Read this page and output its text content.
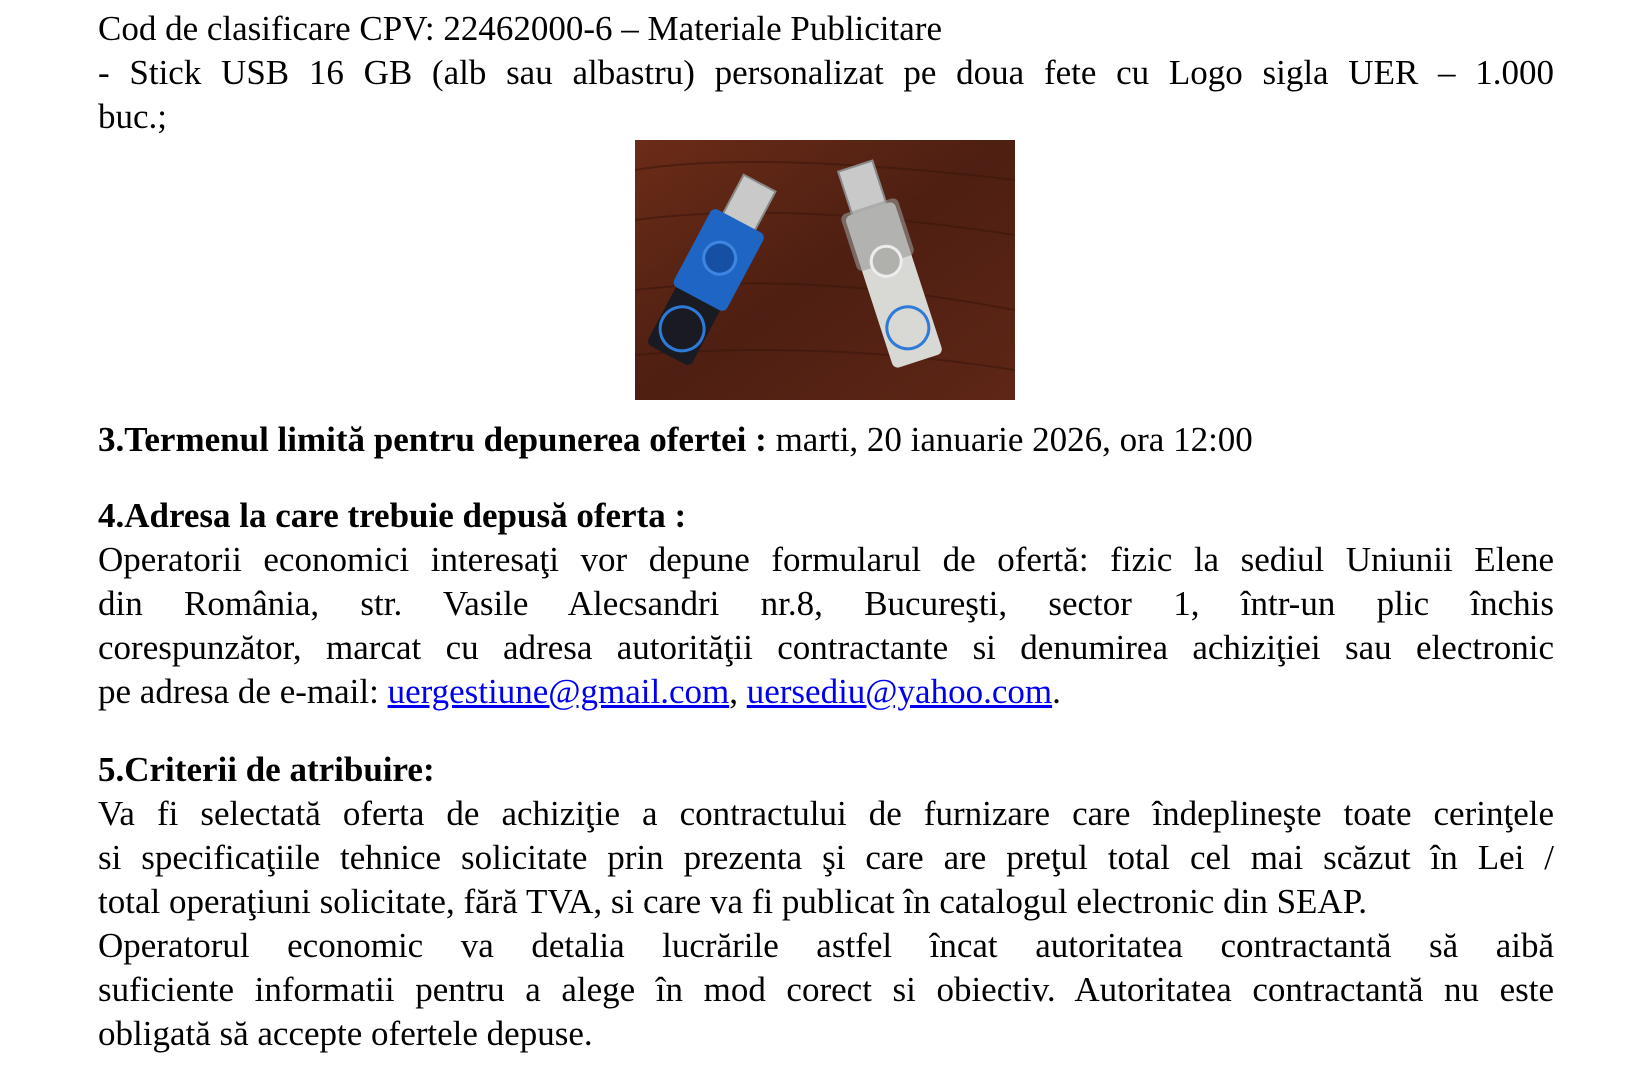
Cod de clasificare CPV: 22462000-6 – Materiale Publicitare
- Stick USB 16 GB (alb sau albastru) personalizat pe doua fete cu Logo sigla UER – 1.000
buc.;
3.Termenul limită pentru depunerea ofertei : marti, 20 ianuarie 2026, ora 12:00
4.Adresa la care trebuie depusă oferta :
Operatorii economici interesaţi vor depune formularul de ofertă: fizic la sediul Uniunii Elene
din România, str. Vasile Alecsandri nr.8, Bucureşti, sector 1, într-un plic închis
corespunzător, marcat cu adresa autorităţii contractante si denumirea achiziţiei sau electronic
pe adresa de e-mail: uergestiune@gmail.com, uersediu@yahoo.com.
5.Criterii de atribuire:
Va fi selectată oferta de achiziţie a contractului de furnizare care îndeplineşte toate cerinţele
si specificaţiile tehnice solicitate prin prezenta şi care are preţul total cel mai scăzut în Lei /
total operaţiuni solicitate, fără TVA, si care va fi publicat în catalogul electronic din SEAP.
Operatorul economic va detalia lucrările astfel încat autoritatea contractantă să aibă
suficiente informatii pentru a alege în mod corect si obiectiv. Autoritatea contractantă nu este
obligată să accepte ofertele depuse.
